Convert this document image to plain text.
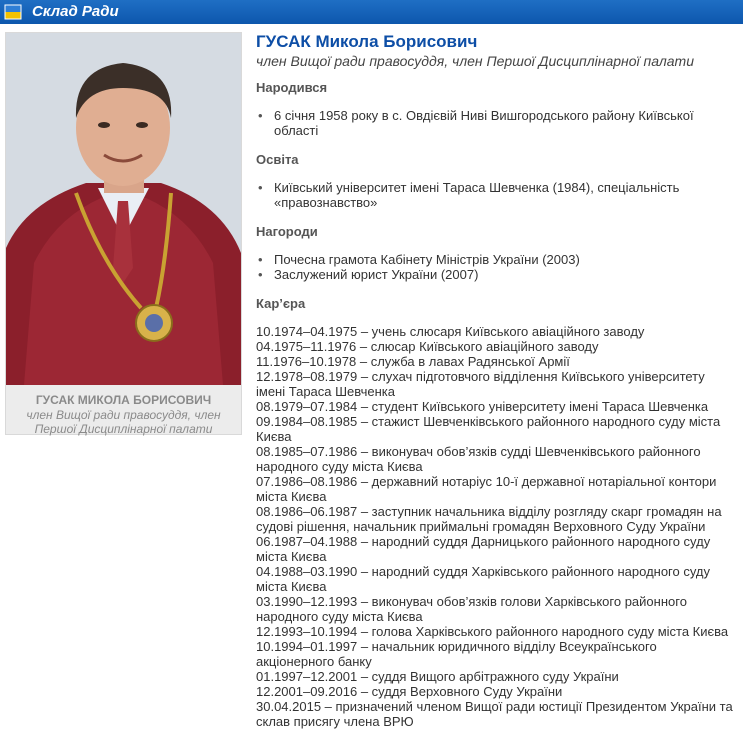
Склад Ради
ГУСАК МИКОЛА БОРИСОВИЧ
член Вищої ради правосуддя, член Першої Дисциплінарної палати
ГУСАК Микола Борисович

член Вищої ради правосуддя, член Першої Дисциплінарної палати

Народився
• 6 січня 1958 року в с. Овдієвій Ниві Вишгородського району Київської області
Освіта
• Київський університет імені Тараса Шевченка (1984), спеціальність «правознавство»
Нагороди
• Почесна грамота Кабінету Міністрів України (2003)
• Заслужений юрист України (2007)
Кар’єра
10.1974–04.1975 – учень слюсаря Київського авіаційного заводу
04.1975–11.1976 – слюсар Київського авіаційного заводу
11.1976–10.1978 – служба в лавах Радянської Армії
12.1978–08.1979 – слухач підготовчого відділення Київського університету імені Тараса Шевченка
08.1979–07.1984 – студент Київського університету імені Тараса Шевченка
09.1984–08.1985 – стажист Шевченківського районного народного суду міста Києва
08.1985–07.1986 – виконувач обов’язків судді Шевченківського районного народного суду міста Києва
07.1986–08.1986 – державний нотаріус 10-ї державної нотаріальної контори міста Києва
08.1986–06.1987 – заступник начальника відділу розгляду скарг громадян на судові рішення, начальник приймальні громадян Верховного Суду України
06.1987–04.1988 – народний суддя Дарницького районного народного суду міста Києва
04.1988–03.1990 – народний суддя Харківського районного народного суду міста Києва
03.1990–12.1993 – виконувач обов’язків голови Харківського районного народного суду міста Києва
12.1993–10.1994 – голова Харківського районного народного суду міста Києва
10.1994–01.1997 – начальник юридичного відділу Всеукраїнського акціонерного банку
01.1997–12.2001 – суддя Вищого арбітражного суду України
12.2001–09.2016 – суддя Верховного Суду України
30.04.2015 – призначений членом Вищої ради юстиції Президентом України та склав присягу члена ВРЮ
